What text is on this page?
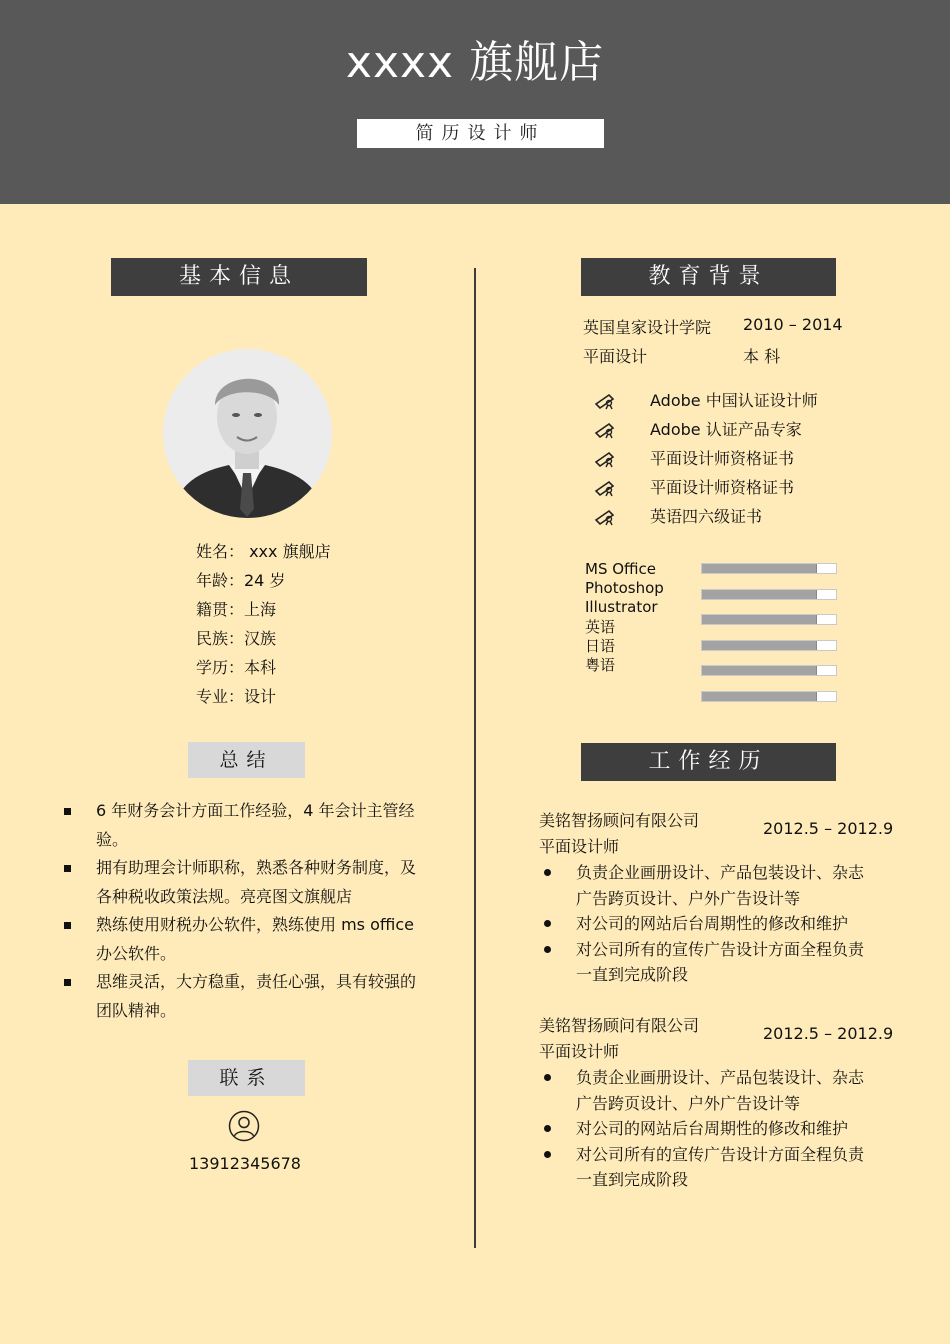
xxxx 旗舰店
简历设计师
基本信息
姓名： xxx 旗舰店
年龄：24 岁
籍贯：上海
民族：汉族
学历：本科
专业：设计
总结
6 年财务会计方面工作经验，4 年会计主管经验。
拥有助理会计师职称，熟悉各种财务制度，及各种税收政策法规。亮亮图文旗舰店
熟练使用财税办公软件，熟练使用 ms office 办公软件。
思维灵活，大方稳重，责任心强，具有较强的团队精神。
联系
13912345678
教育背景
英国皇家设计学院 2010 – 2014
平面设计	本 科
Adobe 中国认证设计师
Adobe 认证产品专家
平面设计师资格证书
平面设计师资格证书
英语四六级证书
MS Office
Photoshop
Illustrator
英语
日语
粤语
工作经历
美铭智扬顾问有限公司	2012.5 – 2012.9
平面设计师
负责企业画册设计、产品包装设计、杂志广告跨页设计、户外广告设计等
对公司的网站后台周期性的修改和维护
对公司所有的宣传广告设计方面全程负责一直到完成阶段
美铭智扬顾问有限公司	2012.5 – 2012.9
平面设计师
负责企业画册设计、产品包装设计、杂志广告跨页设计、户外广告设计等
对公司的网站后台周期性的修改和维护
对公司所有的宣传广告设计方面全程负责一直到完成阶段
